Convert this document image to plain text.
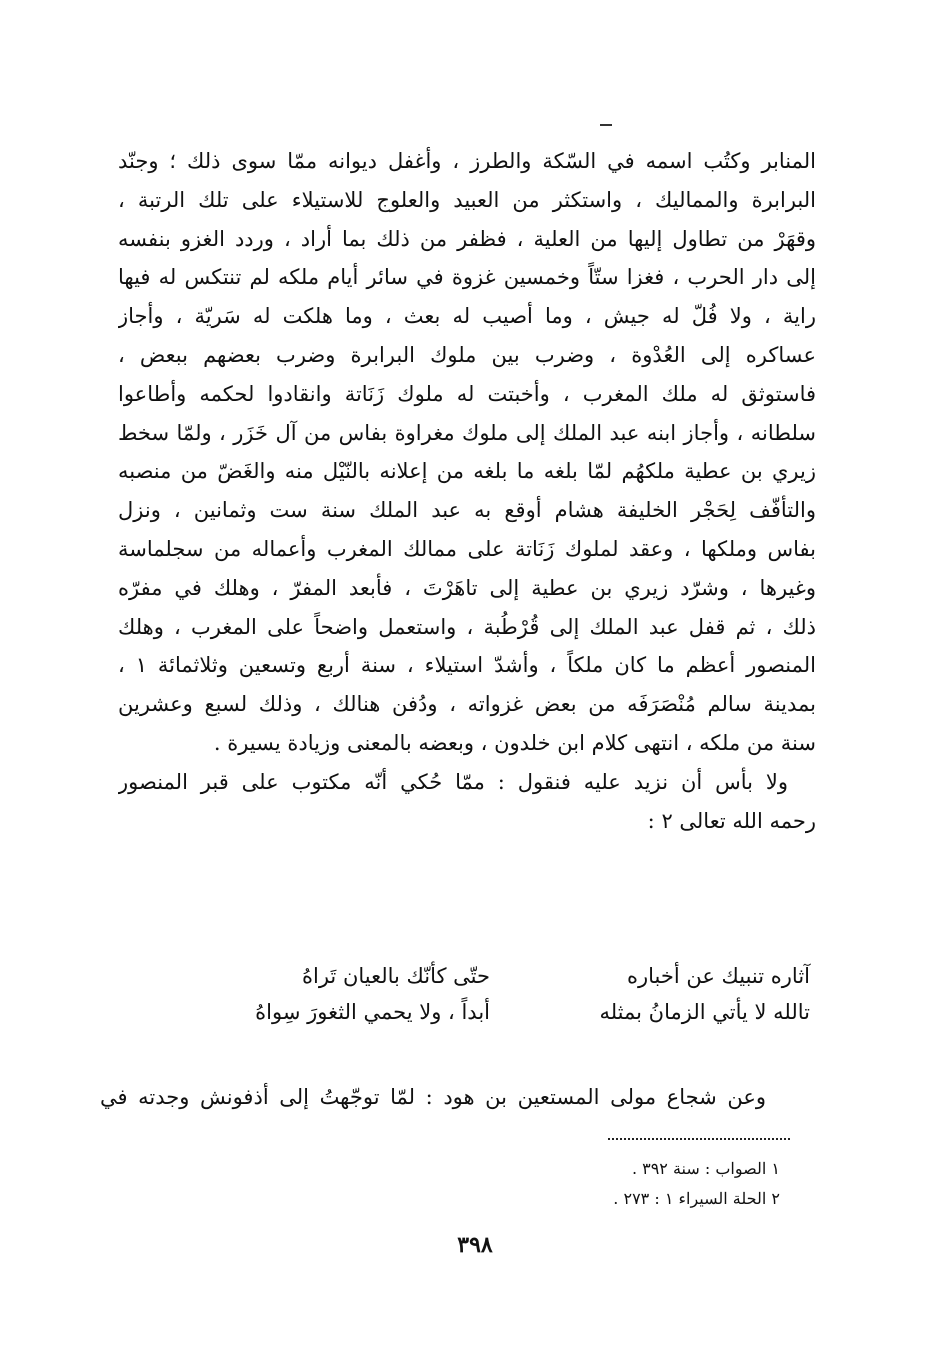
المنابر وكتُب اسمه في السّكة والطرز ، وأغفل ديوانه ممّا سوى ذلك ؛ وجنّد
البرابرة والمماليك ، واستكثر من العبيد والعلوج للاستيلاء على تلك الرتبة ،
وقهَرْ من تطاول إليها من العلية ، فظفر من ذلك بما أراد ، وردد الغزو بنفسه
إلى دار الحرب ، فغزا ستّاً وخمسين غزوة في سائر أيام ملكه لم تنتكس له فيها
راية ، ولا فُلّ له جيش ، وما أصيب له بعث ، وما هلكت له سَريّة ، وأجاز
عساكره إلى العُدْوة ، وضرب بين ملوك البرابرة وضرب بعضهم ببعض ،
فاستوثق له ملك المغرب ، وأخبتت له ملوك زَنَاتة وانقادوا لحكمه وأطاعوا
سلطانه ، وأجاز ابنه عبد الملك إلى ملوك مغراوة بفاس من آل خَزَر ، ولمّا سخط
زيري بن عطية ملكهُم لمّا بلغه ما بلغه من إعلانه بالنّيْل منه والغَضّ من منصبه
والتأفّف لِحَجْر الخليفة هشام أوقع به عبد الملك سنة ست وثمانين ، ونزل
بفاس وملكها ، وعقد لملوك زَنَاتة على ممالك المغرب وأعماله من سجلماسة
وغيرها ، وشرّد زيري بن عطية إلى تاهَرْتَ ، فأبعد المفرّ ، وهلك في مفرّه
ذلك ، ثم قفل عبد الملك إلى قُرْطُبة ، واستعمل واضحاً على المغرب ، وهلك
المنصور أعظم ما كان ملكاً ، وأشدّ استيلاء ، سنة أربع وتسعين وثلاثمائة ١ ،
بمدينة سالم مُنْصَرَفَه من بعض غزواته ، ودُفن هنالك ، وذلك لسبع وعشرين
سنة من ملكه ، انتهى كلام ابن خلدون ، وبعضه بالمعنى وزيادة يسيرة .
ولا بأس أن نزيد عليه فنقول : ممّا حُكي أنّه مكتوب على قبر المنصور
رحمه الله تعالى ٢ :
آثاره تنبيك عن أخباره
حتّى كأنّك بالعيان تَراهُ
تالله لا يأتي الزمانُ بمثله
أبداً ، ولا يحمي الثغورَ سِواهُ
وعن شجاع مولى المستعين بن هود : لمّا توجّهتُ إلى أذفونش وجدته في
١ الصواب : سنة ٣٩٢ .
٢ الحلة السيراء ١ : ٢٧٣ .
٣٩٨
